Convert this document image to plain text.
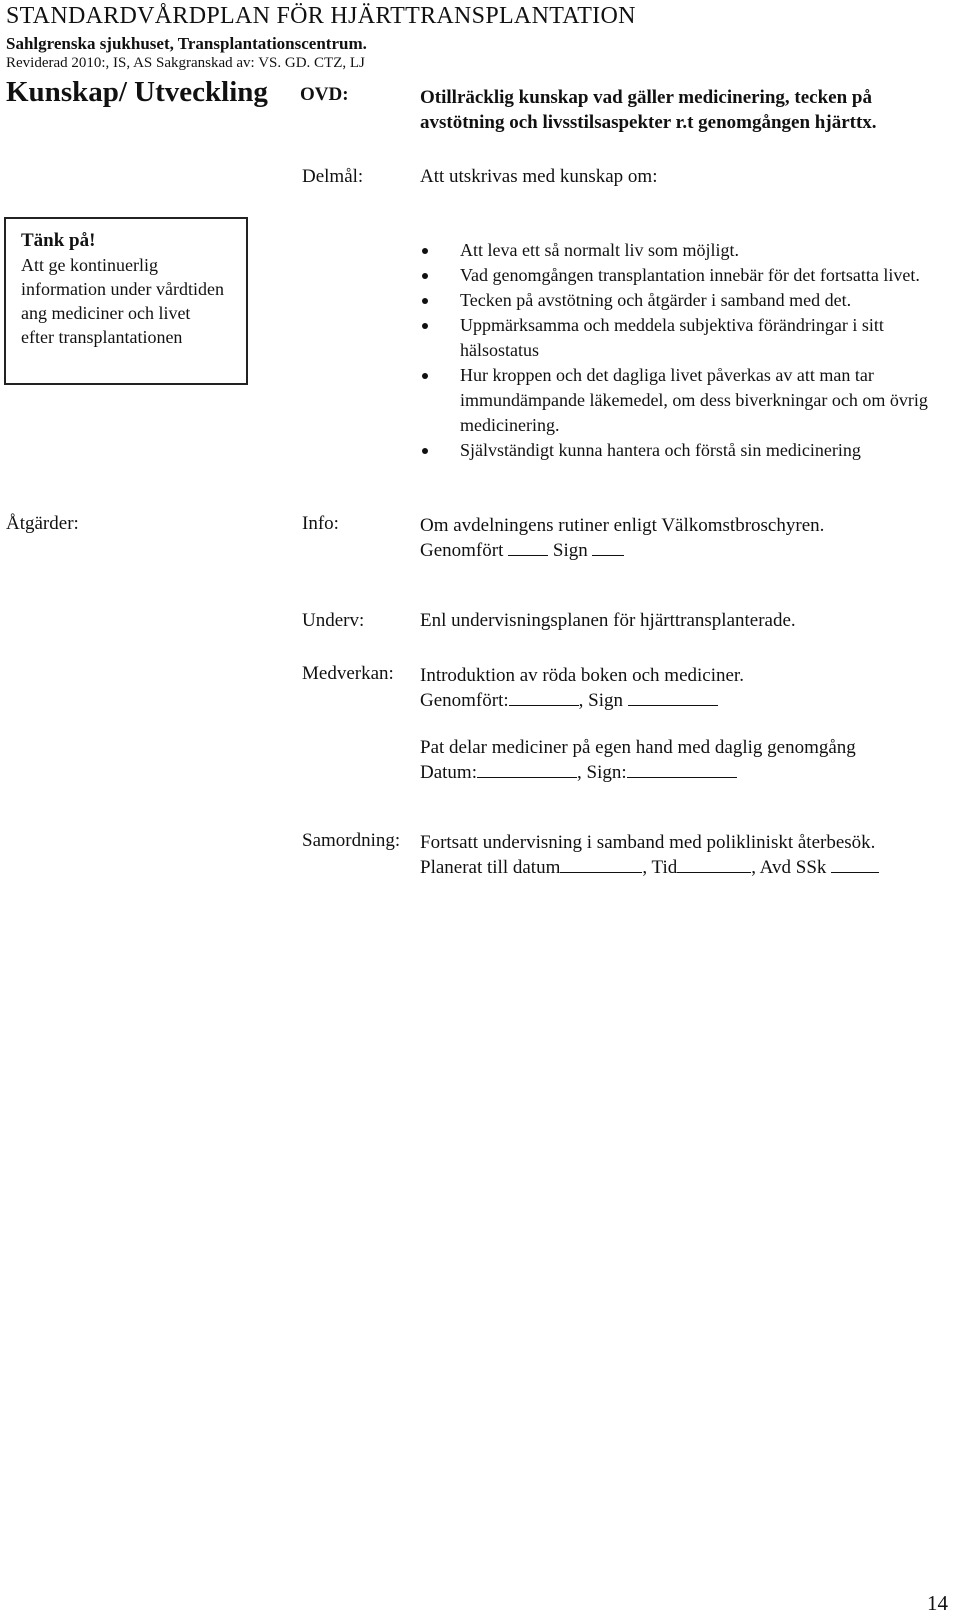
STANDARDVÅRDPLAN FÖR HJÄRTTRANSPLANTATION
Sahlgrenska sjukhuset, Transplantationscentrum.
Reviderad 2010:, IS, AS Sakgranskad av: VS. GD. CTZ, LJ
Kunskap/ Utveckling OVD:	Otillräcklig kunskap vad gäller medicinering, tecken på avstötning och livsstilsaspekter r.t genomgången hjärttx.
Delmål:	Att utskrivas med kunskap om:
Tänk på!
Att ge kontinuerlig information under vårdtiden ang mediciner och livet efter transplantationen
Att leva ett så normalt liv som möjligt.
Vad genomgången transplantation innebär för det fortsatta livet.
Tecken på avstötning och åtgärder i samband med det.
Uppmärksamma och meddela subjektiva förändringar i sitt hälsostatus
Hur kroppen och det dagliga livet påverkas av att man tar immundämpande läkemedel, om dess biverkningar och om övrig medicinering.
Självständigt kunna hantera och förstå sin medicinering
Åtgärder:	Info:	Om avdelningens rutiner enligt Välkomstbroschyren.
Genomfört	Sign
Underv:	Enl undervisningsplanen för hjärttransplanterade.
Medverkan: Introduktion av röda boken och mediciner.
Genomfört:	, Sign
Pat delar mediciner på egen hand med daglig genomgång
Datum:	, Sign:
Samordning: Fortsatt undervisning i samband med polikliniskt återbesök.
Planerat till datum	, Tid	, Avd SSk
14
